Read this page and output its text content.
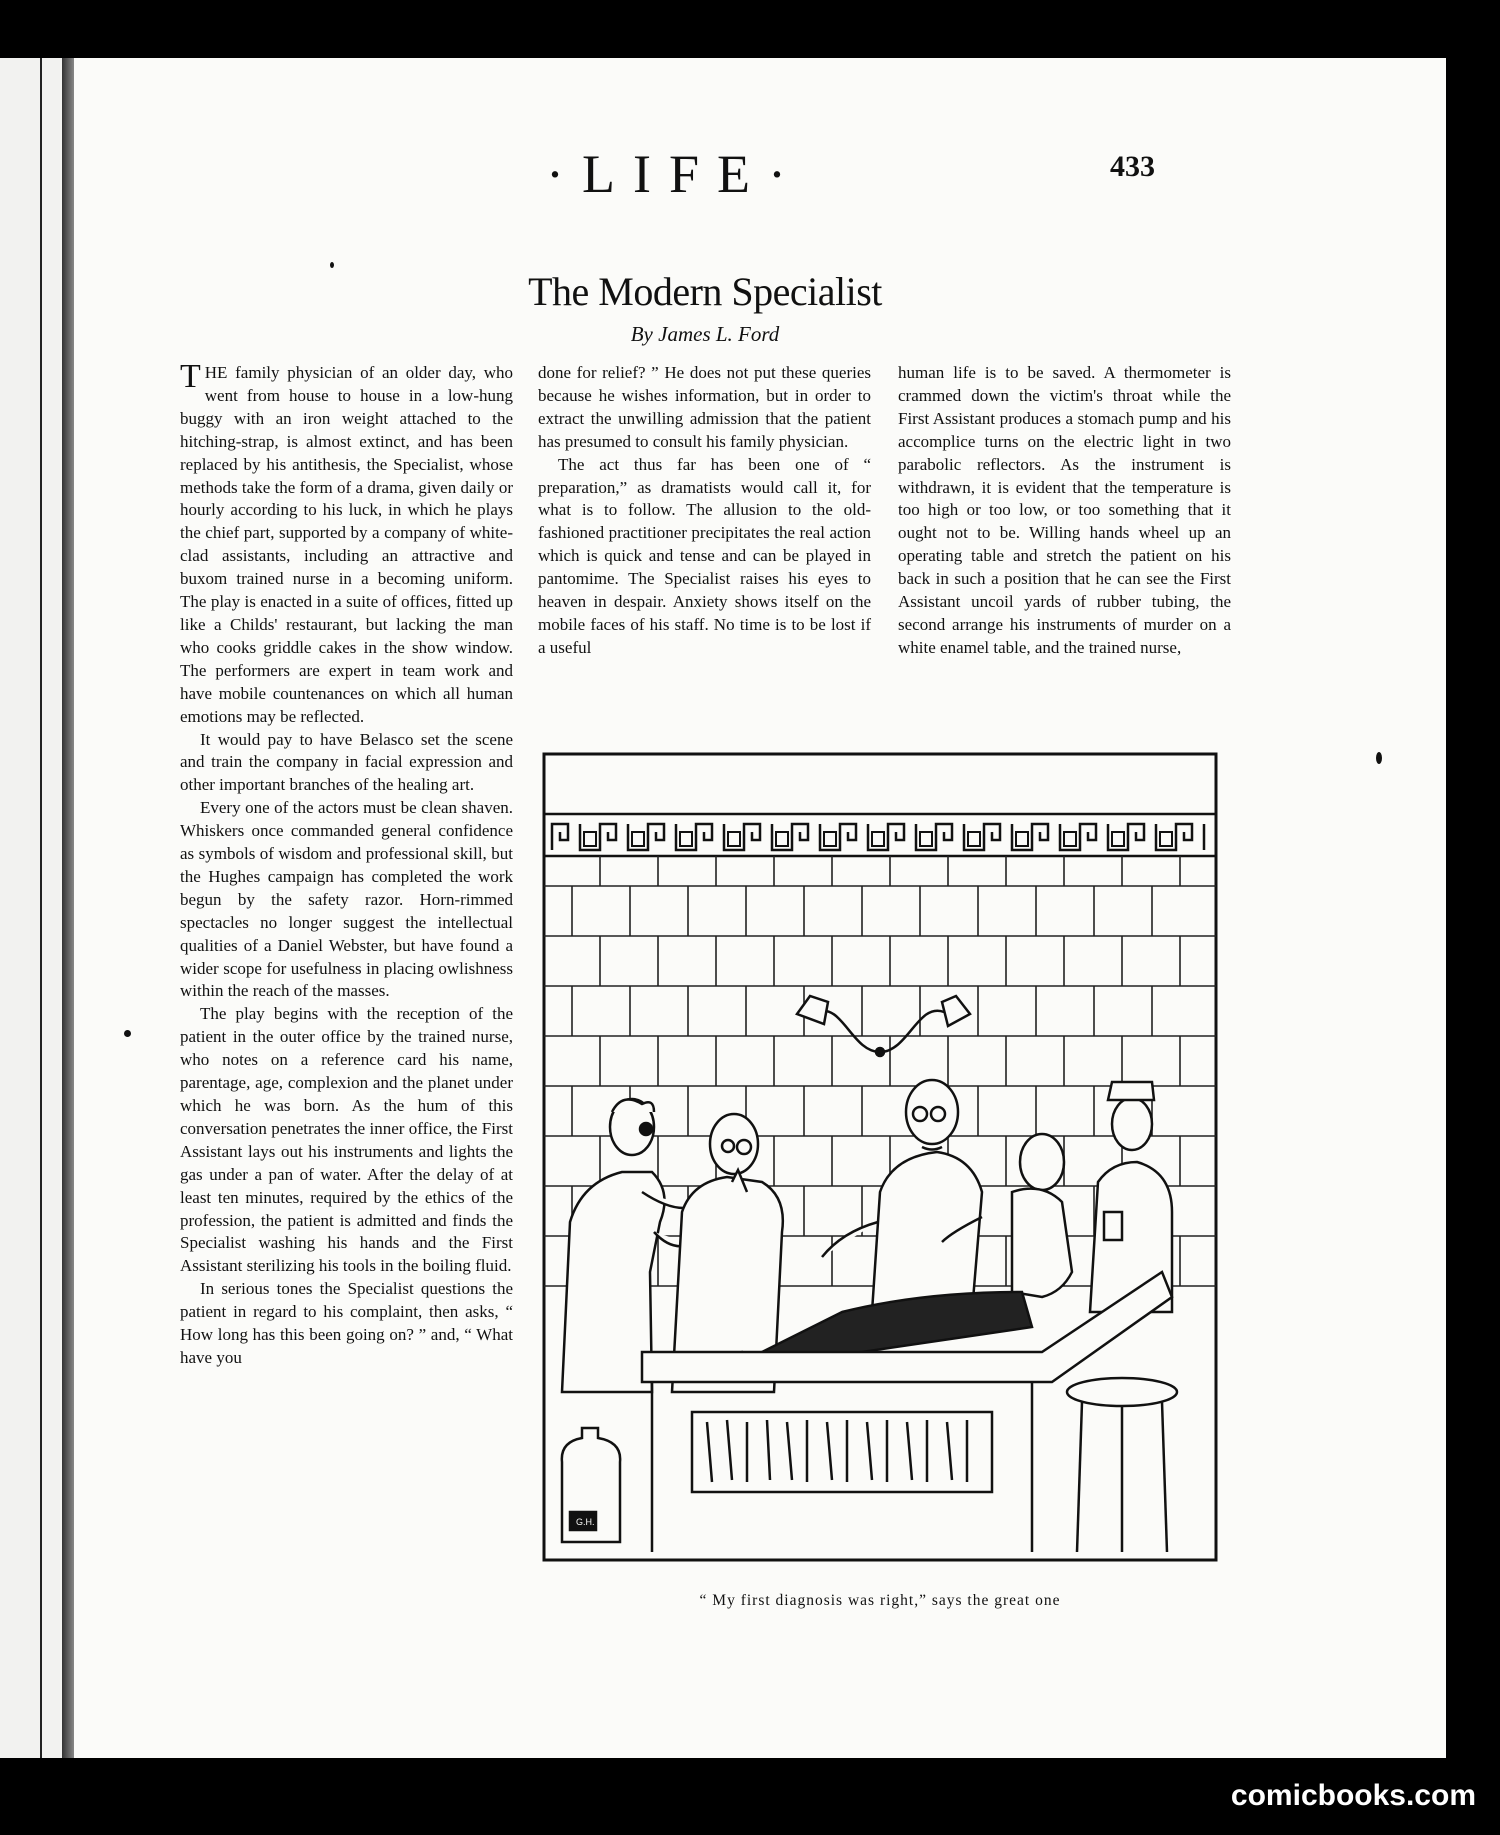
·LIFE·	433
The Modern Specialist
By James L. Ford

THE family physician of an older day, who went from house to house in a low-hung buggy with an iron weight attached to the hitching-strap, is almost extinct, and has been replaced by his antithesis, the Specialist, whose methods take the form of a drama, given daily or hourly according to his luck, in which he plays the chief part, supported by a company of white-clad assistants, including an attractive and buxom trained nurse in a becoming uniform. The play is enacted in a suite of offices, fitted up like a Childs' restaurant, but lacking the man who cooks griddle cakes in the show window. The performers are expert in team work and have mobile countenances on which all human emotions may be reflected.

It would pay to have Belasco set the scene and train the company in facial expression and other important branches of the healing art.

Every one of the actors must be clean shaven. Whiskers once commanded general confidence as symbols of wisdom and professional skill, but the Hughes campaign has completed the work begun by the safety razor. Horn-rimmed spectacles no longer suggest the intellectual qualities of a Daniel Webster, but have found a wider scope for usefulness in placing owlishness within the reach of the masses.

The play begins with the reception of the patient in the outer office by the trained nurse, who notes on a reference card his name, parentage, age, complexion and the planet under which he was born. As the hum of this conversation penetrates the inner office, the First Assistant lays out his instruments and lights the gas under a pan of water. After the delay of at least ten minutes, required by the ethics of the profession, the patient is admitted and finds the Specialist washing his hands and the First Assistant sterilizing his tools in the boiling fluid.

In serious tones the Specialist questions the patient in regard to his complaint, then asks, “ How long has this been going on? ” and, “ What have you

done for relief? ” He does not put these queries because he wishes information, but in order to extract the unwilling admission that the patient has presumed to consult his family physician.

The act thus far has been one of “ preparation,” as dramatists would call it, for what is to follow. The allusion to the old-fashioned practitioner precipitates the real action which is quick and tense and can be played in pantomime. The Specialist raises his eyes to heaven in despair. Anxiety shows itself on the mobile faces of his staff. No time is to be lost if a useful

human life is to be saved. A thermometer is crammed down the victim's throat while the First Assistant produces a stomach pump and his accomplice turns on the electric light in two parabolic reflectors. As the instrument is withdrawn, it is evident that the temperature is too high or too low, or too something that it ought not to be. Willing hands wheel up an operating table and stretch the patient on his back in such a position that he can see the First Assistant uncoil yards of rubber tubing, the second arrange his instruments of murder on a white enamel table, and the trained nurse,

G.H.
“ My first diagnosis was right,” says the great one
comicbooks.com
